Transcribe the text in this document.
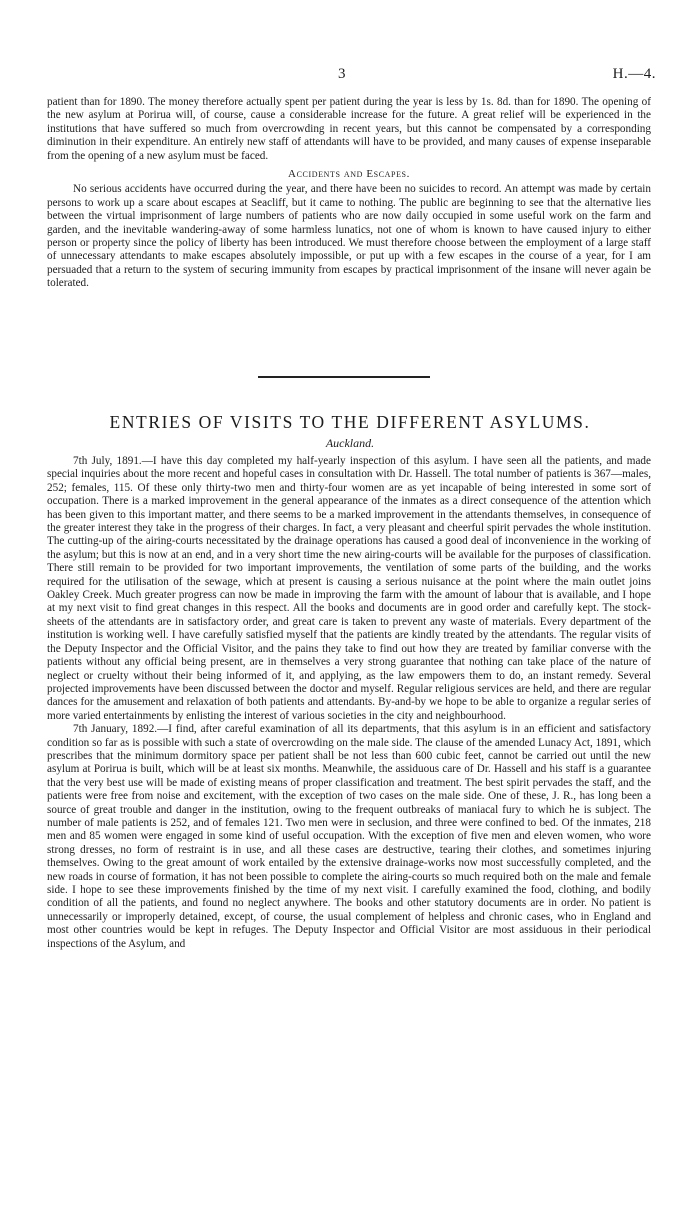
3	H.—4.

patient than for 1890. The money therefore actually spent per patient during the year is less by 1s. 8d. than for 1890. The opening of the new asylum at Porirua will, of course, cause a considerable increase for the future. A great relief will be experienced in the institutions that have suffered so much from overcrowding in recent years, but this cannot be compensated by a corresponding diminution in their expenditure. An entirely new staff of attendants will have to be provided, and many causes of expense inseparable from the opening of a new asylum must be faced.

Accidents and Escapes.

No serious accidents have occurred during the year, and there have been no suicides to record. An attempt was made by certain persons to work up a scare about escapes at Seacliff, but it came to nothing. The public are beginning to see that the alternative lies between the virtual imprisonment of large numbers of patients who are now daily occupied in some useful work on the farm and garden, and the inevitable wandering-away of some harmless lunatics, not one of whom is known to have caused injury to either person or property since the policy of liberty has been introduced. We must therefore choose between the employment of a large staff of unnecessary attendants to make escapes absolutely impossible, or put up with a few escapes in the course of a year, for I am persuaded that a return to the system of securing immunity from escapes by practical imprisonment of the insane will never again be tolerated.

ENTRIES OF VISITS TO THE DIFFERENT ASYLUMS.
Auckland.

7th July, 1891.—I have this day completed my half-yearly inspection of this asylum. I have seen all the patients, and made special inquiries about the more recent and hopeful cases in consultation with Dr. Hassell. The total number of patients is 367—males, 252; females, 115. Of these only thirty-two men and thirty-four women are as yet incapable of being interested in some sort of occupation. There is a marked improvement in the general appearance of the inmates as a direct consequence of the attention which has been given to this important matter, and there seems to be a marked improvement in the attendants themselves, in consequence of the greater interest they take in the progress of their charges. In fact, a very pleasant and cheerful spirit pervades the whole institution. The cutting-up of the airing-courts necessitated by the drainage operations has caused a good deal of inconvenience in the working of the asylum; but this is now at an end, and in a very short time the new airing-courts will be available for the purposes of classification. There still remain to be provided for two important improvements, the ventilation of some parts of the building, and the works required for the utilisation of the sewage, which at present is causing a serious nuisance at the point where the main outlet joins Oakley Creek. Much greater progress can now be made in improving the farm with the amount of labour that is available, and I hope at my next visit to find great changes in this respect. All the books and documents are in good order and carefully kept. The stock-sheets of the attendants are in satisfactory order, and great care is taken to prevent any waste of materials. Every department of the institution is working well. I have carefully satisfied myself that the patients are kindly treated by the attendants. The regular visits of the Deputy Inspector and the Official Visitor, and the pains they take to find out how they are treated by familiar converse with the patients without any official being present, are in themselves a very strong guarantee that nothing can take place of the nature of neglect or cruelty without their being informed of it, and applying, as the law empowers them to do, an instant remedy. Several projected improvements have been discussed between the doctor and myself. Regular religious services are held, and there are regular dances for the amusement and relaxation of both patients and attendants. By-and-by we hope to be able to organize a regular series of more varied entertainments by enlisting the interest of various societies in the city and neighbourhood.

7th January, 1892.—I find, after careful examination of all its departments, that this asylum is in an efficient and satisfactory condition so far as is possible with such a state of overcrowding on the male side. The clause of the amended Lunacy Act, 1891, which prescribes that the minimum dormitory space per patient shall be not less than 600 cubic feet, cannot be carried out until the new asylum at Porirua is built, which will be at least six months. Meanwhile, the assiduous care of Dr. Hassell and his staff is a guarantee that the very best use will be made of existing means of proper classification and treatment. The best spirit pervades the staff, and the patients were free from noise and excitement, with the exception of two cases on the male side. One of these, J. R., has long been a source of great trouble and danger in the institution, owing to the frequent outbreaks of maniacal fury to which he is subject. The number of male patients is 252, and of females 121. Two men were in seclusion, and three were confined to bed. Of the inmates, 218 men and 85 women were engaged in some kind of useful occupation. With the exception of five men and eleven women, who wore strong dresses, no form of restraint is in use, and all these cases are destructive, tearing their clothes, and sometimes injuring themselves. Owing to the great amount of work entailed by the extensive drainage-works now most successfully completed, and the new roads in course of formation, it has not been possible to complete the airing-courts so much required both on the male and female side. I hope to see these improvements finished by the time of my next visit. I carefully examined the food, clothing, and bodily condition of all the patients, and found no neglect anywhere. The books and other statutory documents are in order. No patient is unnecessarily or improperly detained, except, of course, the usual complement of helpless and chronic cases, who in England and most other countries would be kept in refuges. The Deputy Inspector and Official Visitor are most assiduous in their periodical inspections of the Asylum, and
